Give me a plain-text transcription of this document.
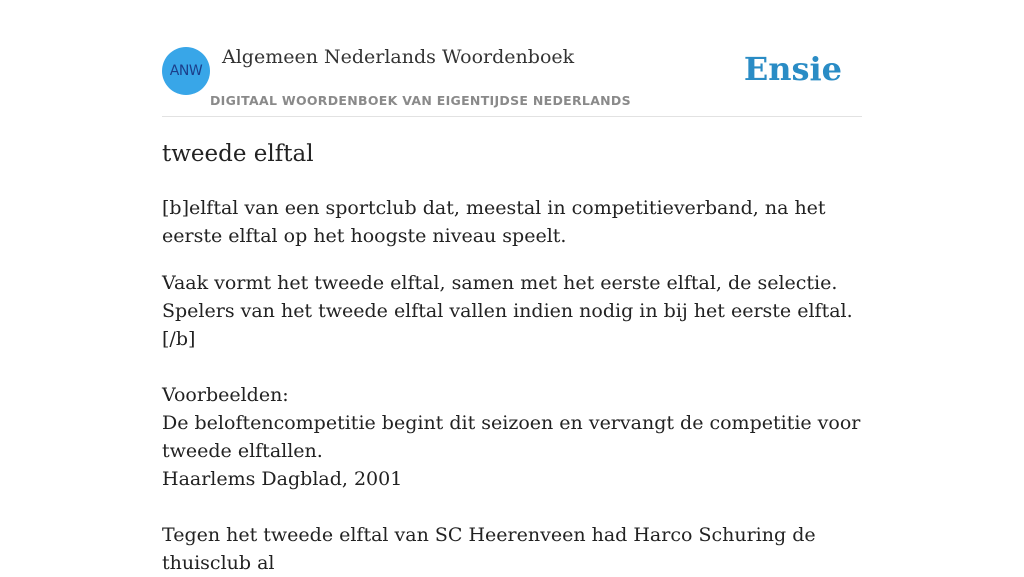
ANW
Algemeen Nederlands Woordenboek
DIGITAAL WOORDENBOEK VAN EIGENTIJDSE NEDERLANDS
Ensie
tweede elftal

[b]elftal van een sportclub dat, meestal in competitieverband, na het eerste elftal op het hoogste niveau speelt.

Vaak vormt het tweede elftal, samen met het eerste elftal, de selectie. Spelers van het tweede elftal vallen indien nodig in bij het eerste elftal.[/b]

Voorbeelden:
De beloftencompetitie begint dit seizoen en vervangt de competitie voor tweede elftallen.
Haarlems Dagblad, 2001
Tegen het tweede elftal van SC Heerenveen had Harco Schuring de thuisclub al
